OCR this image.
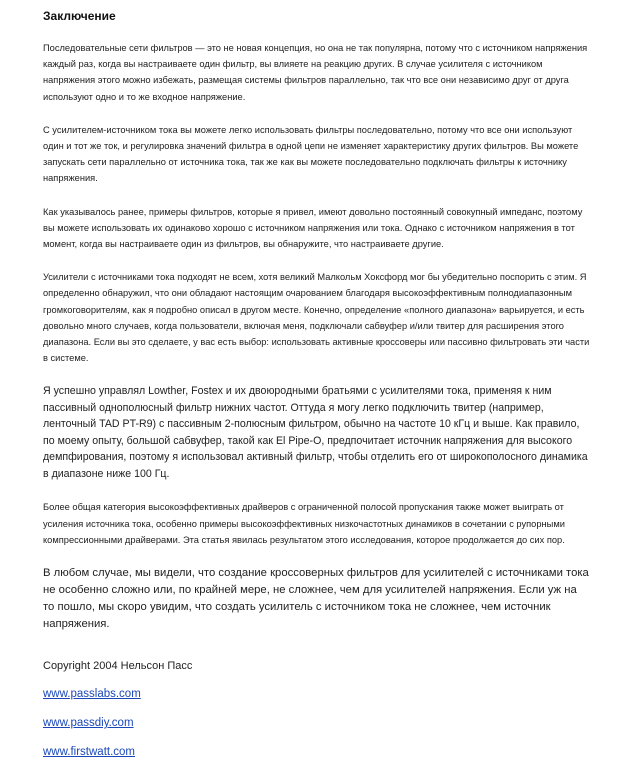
Заключение
Последовательные сети фильтров — это не новая концепция, но она не так популярна, потому что с источником напряжения каждый раз, когда вы настраиваете один фильтр, вы влияете на реакцию других. В случае усилителя с источником напряжения этого можно избежать, размещая системы фильтров параллельно, так что все они независимо друг от друга используют одно и то же входное напряжение.
С усилителем-источником тока вы можете легко использовать фильтры последовательно, потому что все они используют один и тот же ток, и регулировка значений фильтра в одной цепи не изменяет характеристику других фильтров. Вы можете запускать сети параллельно от источника тока, так же как вы можете последовательно подключать фильтры к источнику напряжения.
Как указывалось ранее, примеры фильтров, которые я привел, имеют довольно постоянный совокупный импеданс, поэтому вы можете использовать их одинаково хорошо с источником напряжения или тока. Однако с источником напряжения в тот момент, когда вы настраиваете один из фильтров, вы обнаружите, что настраиваете другие.
Усилители с источниками тока подходят не всем, хотя великий Малкольм Хоксфорд мог бы убедительно поспорить с этим. Я определенно обнаружил, что они обладают настоящим очарованием благодаря высокоэффективным полнодиапазонным громкоговорителям, как я подробно описал в другом месте. Конечно, определение «полного диапазона» варьируется, и есть довольно много случаев, когда пользователи, включая меня, подключали сабвуфер и/или твитер для расширения этого диапазона. Если вы это сделаете, у вас есть выбор: использовать активные кроссоверы или пассивно фильтровать эти части в системе.
Я успешно управлял Lowther, Fostex и их двоюродными братьями с усилителями тока, применяя к ним пассивный однополюсный фильтр нижних частот. Оттуда я могу легко подключить твитер (например, ленточный TAD PT-R9) с пассивным 2-полюсным фильтром, обычно на частоте 10 кГц и выше. Как правило, по моему опыту, большой сабвуфер, такой как El Pipe-O, предпочитает источник напряжения для высокого демпфирования, поэтому я использовал активный фильтр, чтобы отделить его от широкополосного динамика в диапазоне ниже 100 Гц.
Более общая категория высокоэффективных драйверов с ограниченной полосой пропускания также может выиграть от усиления источника тока, особенно примеры высокоэффективных низкочастотных динамиков в сочетании с рупорными компрессионными драйверами. Эта статья явилась результатом этого исследования, которое продолжается до сих пор.
В любом случае, мы видели, что создание кроссоверных фильтров для усилителей с источниками тока не особенно сложно или, по крайней мере, не сложнее, чем для усилителей напряжения. Если уж на то пошло, мы скоро увидим, что создать усилитель с источником тока не сложнее, чем источник напряжения.
Copyright 2004 Нельсон Пасс
www.passlabs.com
www.passdiy.com
www.firstwatt.com
